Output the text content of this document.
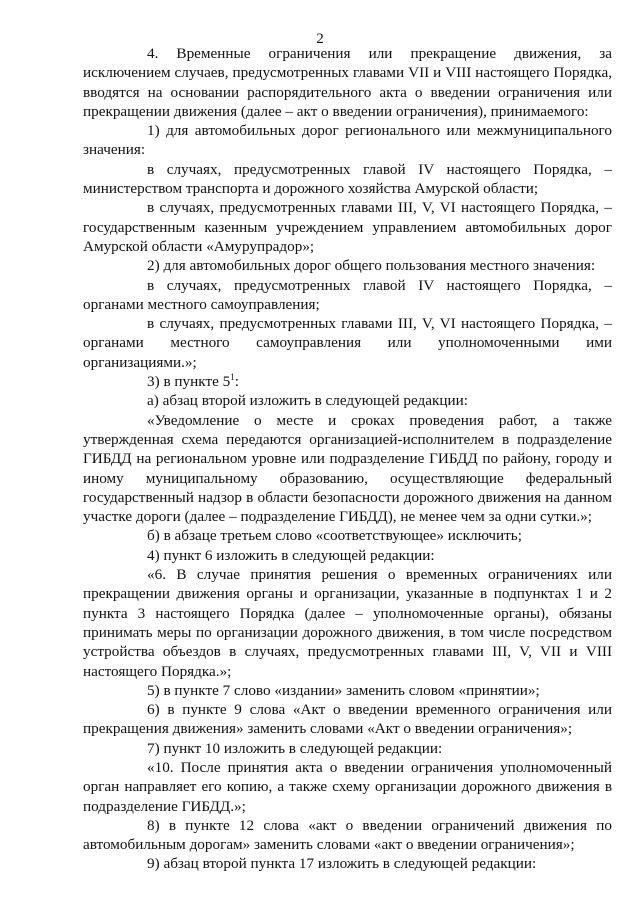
2

4. Временные ограничения или прекращение движения, за исключением случаев, предусмотренных главами VII и VIII настоящего Порядка, вводятся на основании распорядительного акта о введении ограничения или прекращении движения (далее – акт о введении ограничения), принимаемого:

1) для автомобильных дорог регионального или межмуниципального значения:

в случаях, предусмотренных главой IV настоящего Порядка, – министерством транспорта и дорожного хозяйства Амурской области;

в случаях, предусмотренных главами III, V, VI настоящего Порядка, – государственным казенным учреждением управлением автомобильных дорог Амурской области «Амурупрадор»;

2) для автомобильных дорог общего пользования местного значения:

в случаях, предусмотренных главой IV настоящего Порядка, – органами местного самоуправления;

в случаях, предусмотренных главами III, V, VI настоящего Порядка, – органами местного самоуправления или уполномоченными ими организациями.»;

3) в пункте $5^1$:

а) абзац второй изложить в следующей редакции:

«Уведомление о месте и сроках проведения работ, а также утвержденная схема передаются организацией-исполнителем в подразделение ГИБДД на региональном уровне или подразделение ГИБДД по району, городу и иному муниципальному образованию, осуществляющие федеральный государственный надзор в области безопасности дорожного движения на данном участке дороги (далее – подразделение ГИБДД), не менее чем за одни сутки.»;

б) в абзаце третьем слово «соответствующее» исключить;

4) пункт 6 изложить в следующей редакции:

«6. В случае принятия решения о временных ограничениях или прекращении движения органы и организации, указанные в подпунктах 1 и 2 пункта 3 настоящего Порядка (далее – уполномоченные органы), обязаны принимать меры по организации дорожного движения, в том числе посредством устройства объездов в случаях, предусмотренных главами III, V, VII и VIII настоящего Порядка.»;

5) в пункте 7 слово «издании» заменить словом «принятии»;

6) в пункте 9 слова «Акт о введении временного ограничения или прекращения движения» заменить словами «Акт о введении ограничения»;

7) пункт 10 изложить в следующей редакции:

«10. После принятия акта о введении ограничения уполномоченный орган направляет его копию, а также схему организации дорожного движения в подразделение ГИБДД.»;

8) в пункте 12 слова «акт о введении ограничений движения по автомобильным дорогам» заменить словами «акт о введении ограничения»;

9) абзац второй пункта 17 изложить в следующей редакции:
